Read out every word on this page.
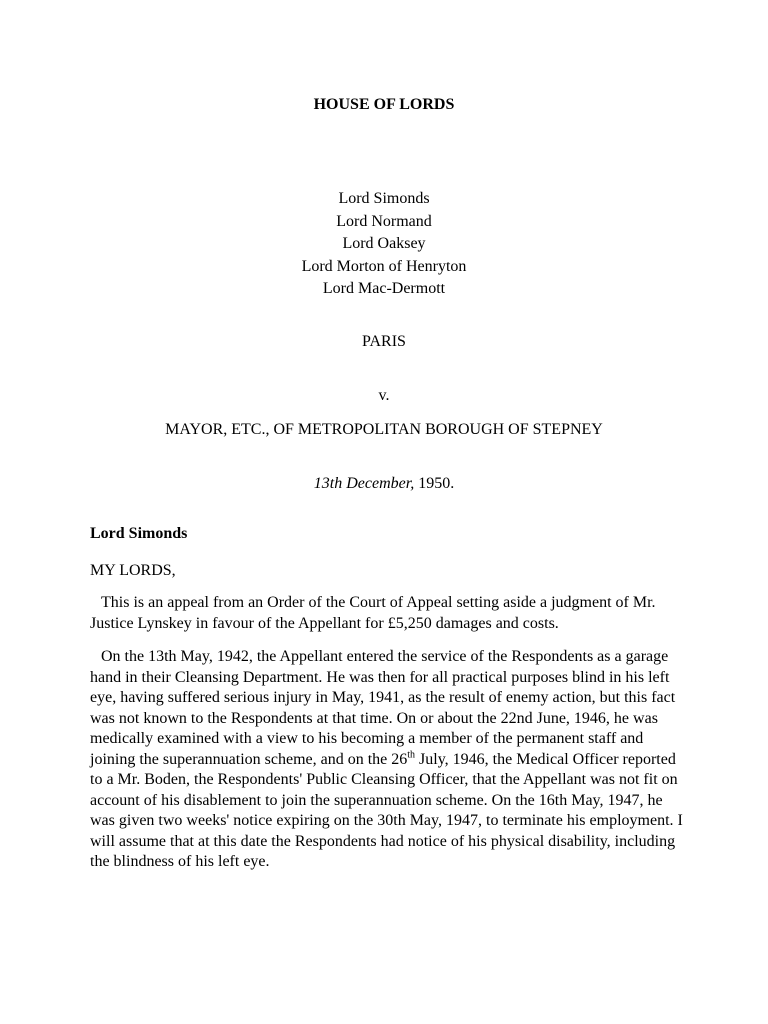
HOUSE OF LORDS
Lord Simonds
Lord Normand
Lord Oaksey
Lord Morton of Henryton
Lord Mac-Dermott
PARIS
v.
MAYOR, ETC., OF METROPOLITAN BOROUGH OF STEPNEY
13th December, 1950.
Lord Simonds
MY LORDS,

This is an appeal from an Order of the Court of Appeal setting aside a judgment of Mr. Justice Lynskey in favour of the Appellant for £5,250 damages and costs.

On the 13th May, 1942, the Appellant entered the service of the Respondents as a garage hand in their Cleansing Department. He was then for all practical purposes blind in his left eye, having suffered serious injury in May, 1941, as the result of enemy action, but this fact was not known to the Respondents at that time. On or about the 22nd June, 1946, he was medically examined with a view to his becoming a member of the permanent staff and joining the superannuation scheme, and on the 26th July, 1946, the Medical Officer reported to a Mr. Boden, the Respondents' Public Cleansing Officer, that the Appellant was not fit on account of his disablement to join the superannuation scheme. On the 16th May, 1947, he was given two weeks' notice expiring on the 30th May, 1947, to terminate his employment. I will assume that at this date the Respondents had notice of his physical disability, including the blindness of his left eye.
